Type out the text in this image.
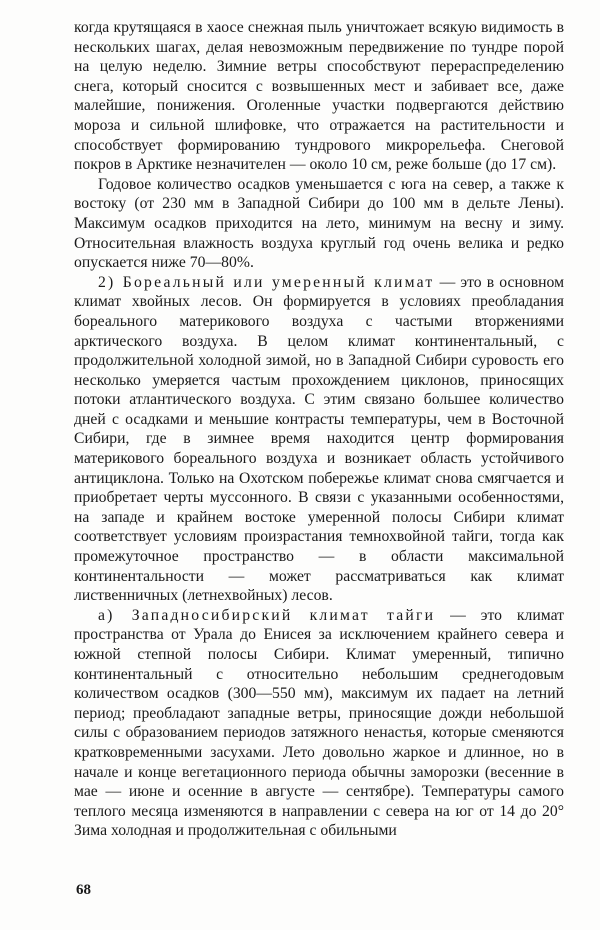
когда крутящаяся в хаосе снежная пыль уничтожает всякую видимость в нескольких шагах, делая невозможным передвижение по тундре порой на целую неделю. Зимние ветры способствуют перераспределению снега, который сносится с возвышенных мест и забивает все, даже малейшие, понижения. Оголенные участки подвергаются действию мороза и сильной шлифовке, что отражается на растительности и способствует формированию тундрового микрорельефа. Снеговой покров в Арктике незначителен — около 10 см, реже больше (до 17 см).

Годовое количество осадков уменьшается с юга на север, а также к востоку (от 230 мм в Западной Сибири до 100 мм в дельте Лены). Максимум осадков приходится на лето, минимум на весну и зиму. Относительная влажность воздуха круглый год очень велика и редко опускается ниже 70—80%.

2) Бореальный или умеренный климат — это в основном климат хвойных лесов. Он формируется в условиях преобладания бореального материкового воздуха с частыми вторжениями арктического воздуха. В целом климат континентальный, с продолжительной холодной зимой, но в Западной Сибири суровость его несколько умеряется частым прохождением циклонов, приносящих потоки атлантического воздуха. С этим связано большее количество дней с осадками и меньшие контрасты температуры, чем в Восточной Сибири, где в зимнее время находится центр формирования материкового бореального воздуха и возникает область устойчивого антициклона. Только на Охотском побережье климат снова смягчается и приобретает черты муссонного. В связи с указанными особенностями, на западе и крайнем востоке умеренной полосы Сибири климат соответствует условиям произрастания темнохвойной тайги, тогда как промежуточное пространство — в области максимальной континентальности — может рассматриваться как климат лиственничных (летнехвойных) лесов.

а) Западносибирский климат тайги — это климат пространства от Урала до Енисея за исключением крайнего севера и южной степной полосы Сибири. Климат умеренный, типично континентальный с относительно небольшим среднегодовым количеством осадков (300—550 мм), максимум их падает на летний период; преобладают западные ветры, приносящие дожди небольшой силы с образованием периодов затяжного ненастья, которые сменяются кратковременными засухами. Лето довольно жаркое и длинное, но в начале и конце вегетационного периода обычны заморозки (весенние в мае — июне и осенние в августе — сентябре). Температуры самого теплого месяца изменяются в направлении с севера на юг от 14 до 20° Зима холодная и продолжительная с обильными

68
